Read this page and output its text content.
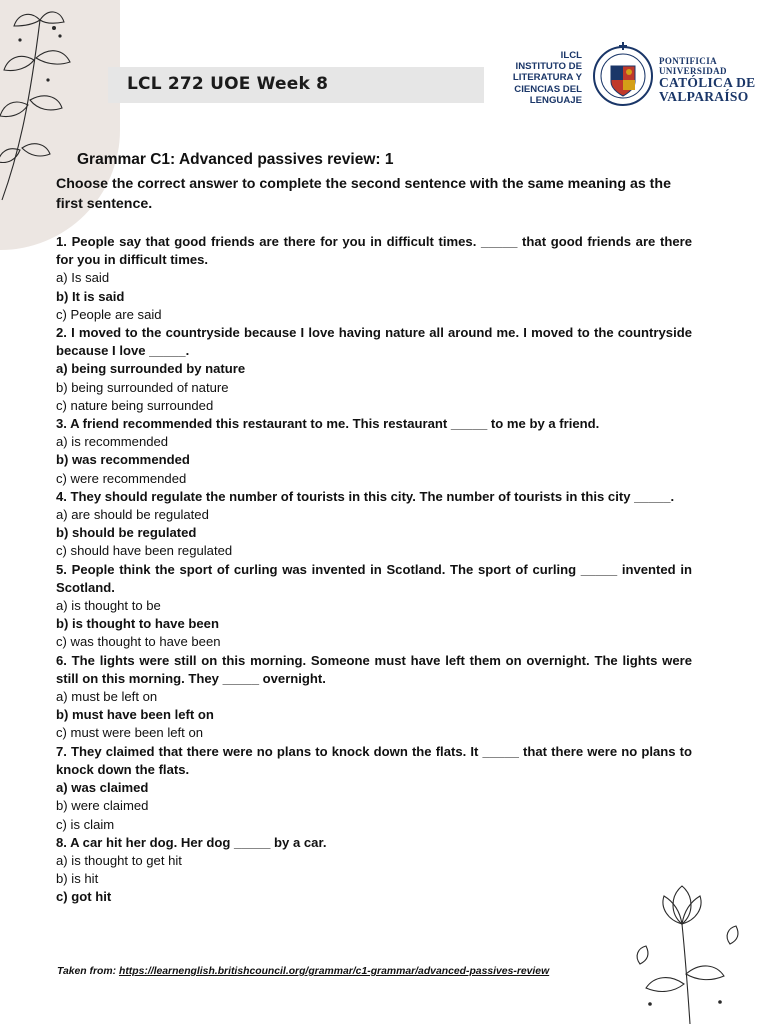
LCL 272 UOE Week 8
ILCL
INSTITUTO DE
LITERATURA Y
CIENCIAS DEL
LENGUAJE
PONTIFICIA
UNIVERSIDAD
CATÓLICA DE
VALPARAÍSO
Grammar C1: Advanced passives review: 1
Choose the correct answer to complete the second sentence with the same meaning as the first sentence.
1. People say that good friends are there for you in difficult times. _____ that good friends are there for you in difficult times.
a) Is said
b) It is said
c) People are said
2. I moved to the countryside because I love having nature all around me. I moved to the countryside because I love _____.
a) being surrounded by nature
b) being surrounded of nature
c) nature being surrounded
3. A friend recommended this restaurant to me. This restaurant _____ to me by a friend.
a) is recommended
b) was recommended
c) were recommended
4. They should regulate the number of tourists in this city. The number of tourists in this city _____.
a) are should be regulated
b) should be regulated
c) should have been regulated
5. People think the sport of curling was invented in Scotland. The sport of curling _____ invented in Scotland.
a) is thought to be
b) is thought to have been
c) was thought to have been
6. The lights were still on this morning. Someone must have left them on overnight. The lights were still on this morning. They _____ overnight.
a) must be left on
b) must have been left on
c) must were been left on
7. They claimed that there were no plans to knock down the flats. It _____ that there were no plans to knock down the flats.
a) was claimed
b) were claimed
c) is claim
8. A car hit her dog. Her dog _____ by a car.
a) is thought to get hit
b) is hit
c) got hit
Taken from: https://learnenglish.britishcouncil.org/grammar/c1-grammar/advanced-passives-review
